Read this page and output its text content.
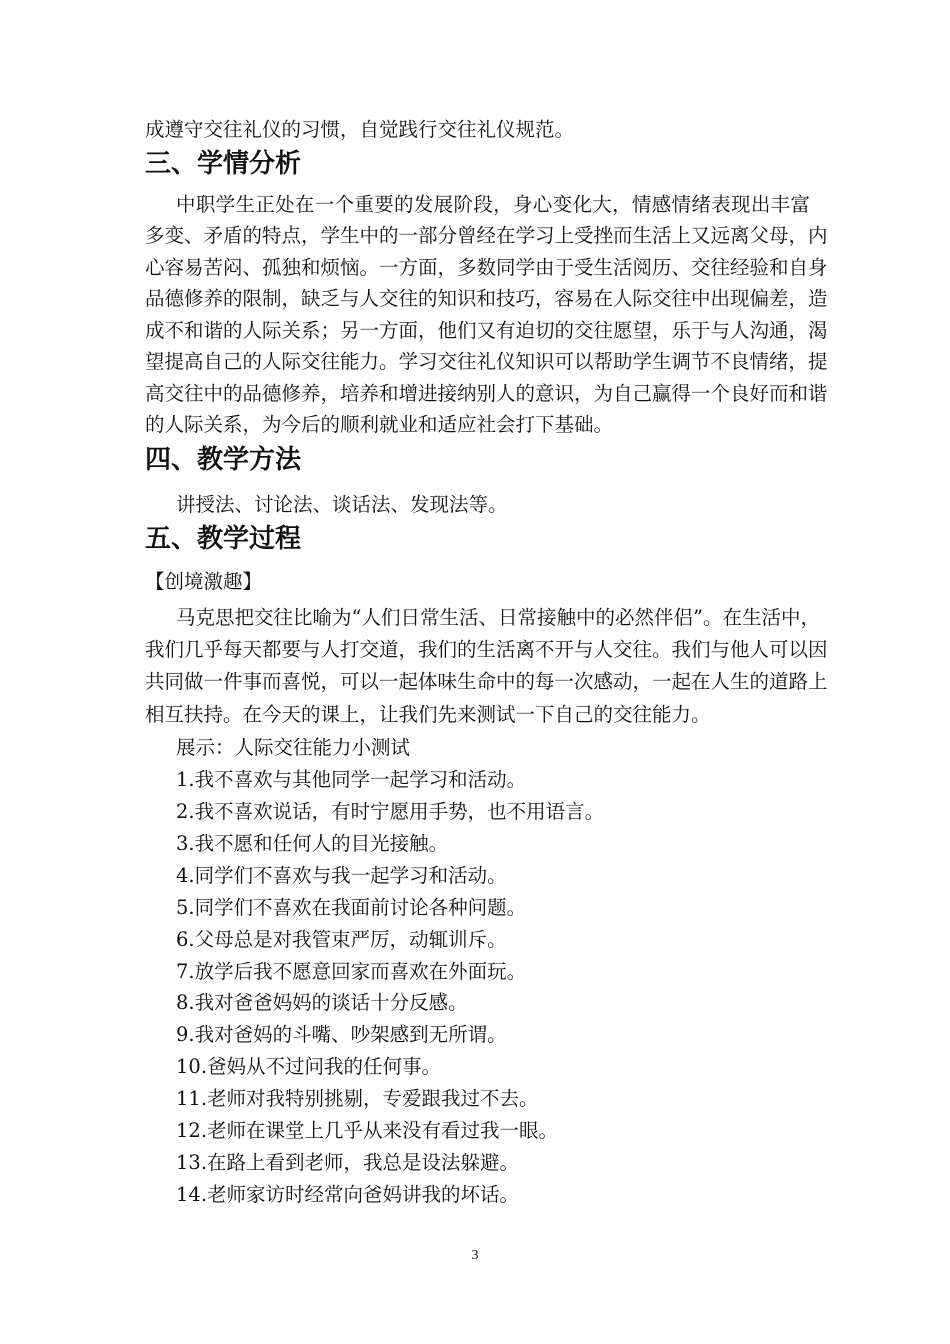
成遵守交往礼仪的习惯，自觉践行交往礼仪规范。
三、学情分析
中职学生正处在一个重要的发展阶段，身心变化大，情感情绪表现出丰富
多变、矛盾的特点，学生中的一部分曾经在学习上受挫而生活上又远离父母，内
心容易苦闷、孤独和烦恼。一方面，多数同学由于受生活阅历、交往经验和自身
品德修养的限制，缺乏与人交往的知识和技巧，容易在人际交往中出现偏差，造
成不和谐的人际关系；另一方面，他们又有迫切的交往愿望，乐于与人沟通，渴
望提高自己的人际交往能力。学习交往礼仪知识可以帮助学生调节不良情绪，提
高交往中的品德修养，培养和增进接纳别人的意识，为自己赢得一个良好而和谐
的人际关系，为今后的顺利就业和适应社会打下基础。
四、教学方法
讲授法、讨论法、谈话法、发现法等。
五、教学过程
【创境激趣】
马克思把交往比喻为“人们日常生活、日常接触中的必然伴侣”。在生活中，
我们几乎每天都要与人打交道，我们的生活离不开与人交往。我们与他人可以因
共同做一件事而喜悦，可以一起体味生命中的每一次感动，一起在人生的道路上
相互扶持。在今天的课上，让我们先来测试一下自己的交往能力。
展示：人际交往能力小测试
1.我不喜欢与其他同学一起学习和活动。
2.我不喜欢说话，有时宁愿用手势，也不用语言。
3.我不愿和任何人的目光接触。
4.同学们不喜欢与我一起学习和活动。
5.同学们不喜欢在我面前讨论各种问题。
6.父母总是对我管束严厉，动辄训斥。
7.放学后我不愿意回家而喜欢在外面玩。
8.我对爸爸妈妈的谈话十分反感。
9.我对爸妈的斗嘴、吵架感到无所谓。
10.爸妈从不过问我的任何事。
11.老师对我特别挑剔，专爱跟我过不去。
12.老师在课堂上几乎从来没有看过我一眼。
13.在路上看到老师，我总是设法躲避。
14.老师家访时经常向爸妈讲我的坏话。
3
